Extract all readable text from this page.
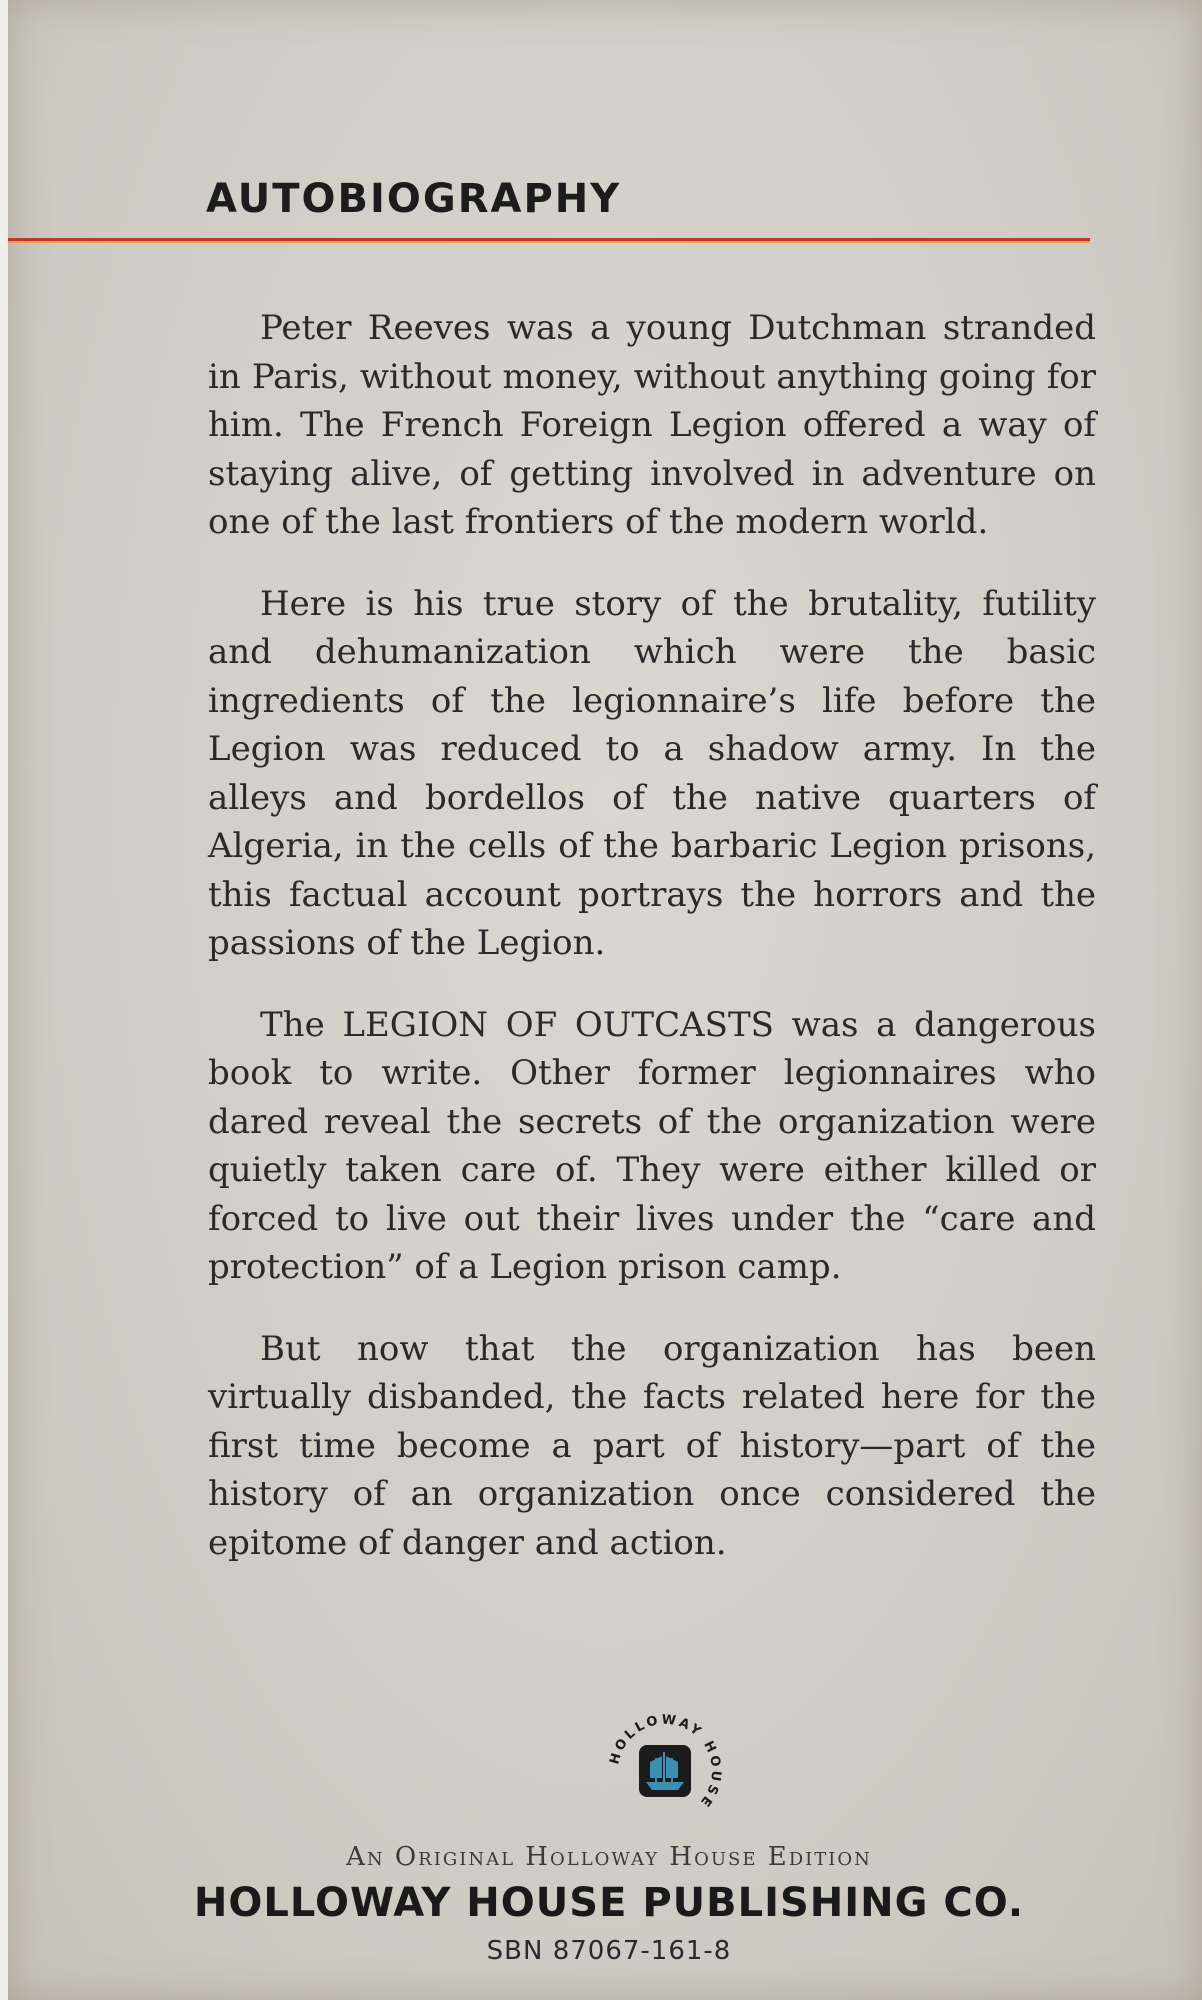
AUTOBIOGRAPHY

Peter Reeves was a young Dutchman stranded in Paris, without money, without anything going for him. The French Foreign Legion offered a way of staying alive, of getting involved in adventure on one of the last frontiers of the modern world.

Here is his true story of the brutality, futility and dehumanization which were the basic ingredients of the legionnaire’s life before the Legion was reduced to a shadow army. In the alleys and bordellos of the native quarters of Algeria, in the cells of the barbaric Legion prisons, this factual account portrays the horrors and the passions of the Legion.

The LEGION OF OUTCASTS was a dangerous book to write. Other former legionnaires who dared reveal the secrets of the organization were quietly taken care of. They were either killed or forced to live out their lives under the “care and protection” of a Legion prison camp.

But now that the organization has been virtually disbanded, the facts related here for the first time become a part of history—part of the history of an organization once considered the epitome of danger and action.

HOLLOWAY HOUSE

An Original Holloway House Edition

HOLLOWAY HOUSE PUBLISHING CO.

SBN 87067-161-8
